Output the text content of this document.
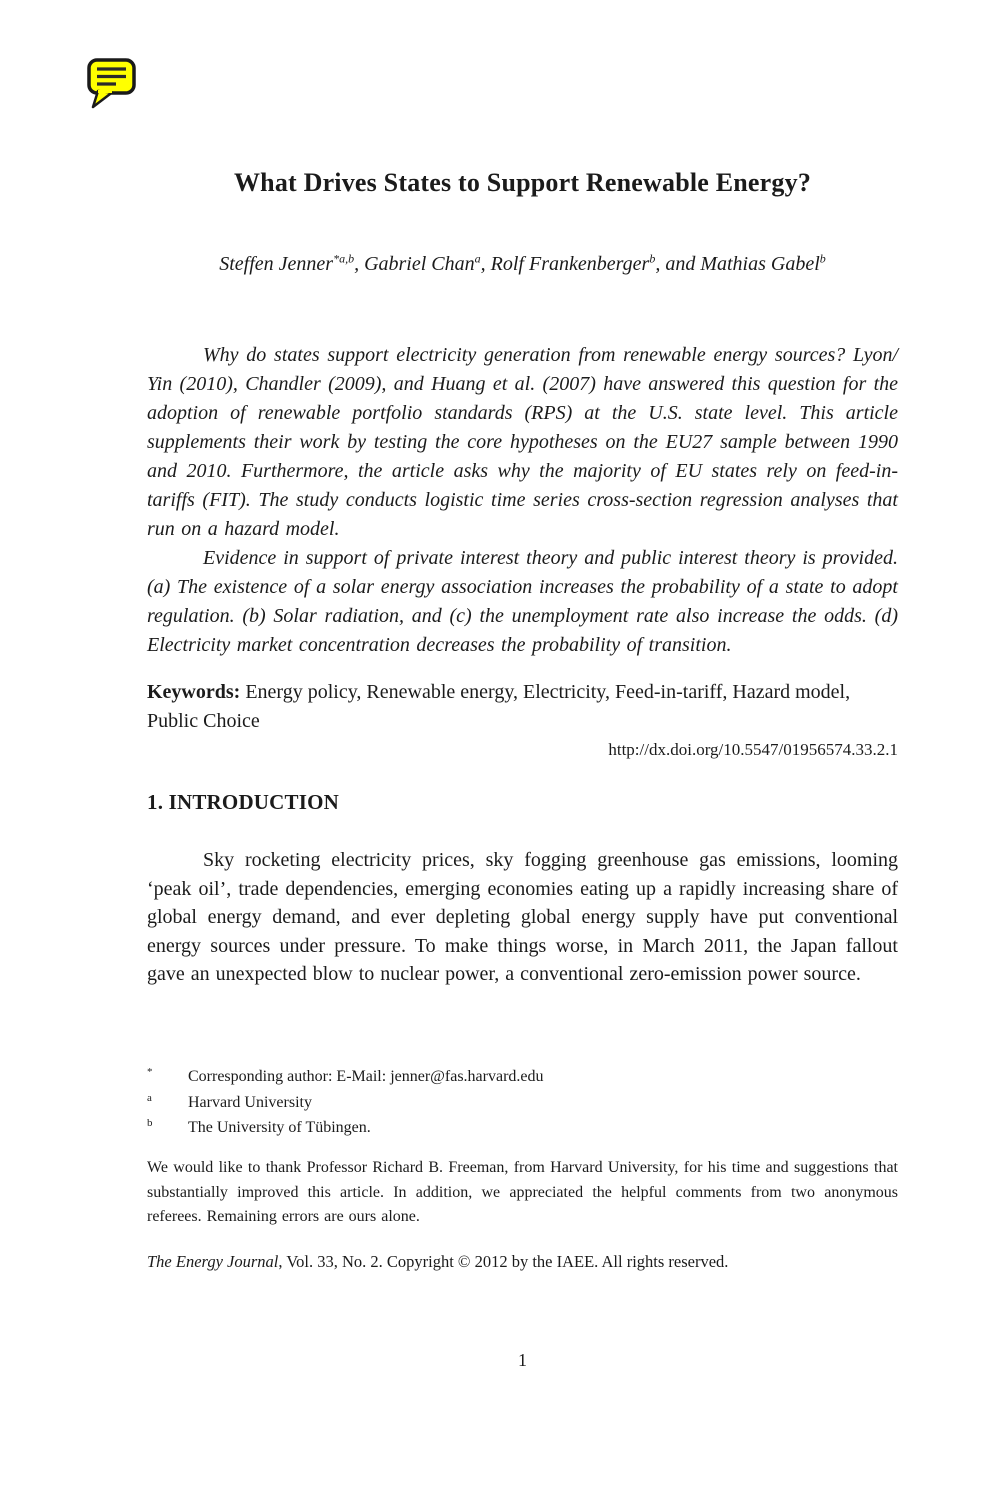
What Drives States to Support Renewable Energy?
Steffen Jenner$^{*a,b}$, Gabriel Chan$^a$, Rolf Frankenberger$^b$, and Mathias Gabel$^b$

Why do states support electricity generation from renewable energy sources? Lyon/ Yin (2010), Chandler (2009), and Huang et al. (2007) have answered this question for the adoption of renewable portfolio standards (RPS) at the U.S. state level. This article supplements their work by testing the core hypotheses on the EU27 sample between 1990 and 2010. Furthermore, the article asks why the majority of EU states rely on feed-in-tariffs (FIT). The study conducts logistic time series cross-section regression analyses that run on a hazard model.

Evidence in support of private interest theory and public interest theory is provided. (a) The existence of a solar energy association increases the probability of a state to adopt regulation. (b) Solar radiation, and (c) the unemployment rate also increase the odds. (d) Electricity market concentration decreases the probability of transition.

Keywords: Energy policy, Renewable energy, Electricity, Feed-in-tariff, Hazard model, Public Choice

http://dx.doi.org/10.5547/01956574.33.2.1
1. INTRODUCTION

Sky rocketing electricity prices, sky fogging greenhouse gas emissions, looming ‘peak oil’, trade dependencies, emerging economies eating up a rapidly increasing share of global energy demand, and ever depleting global energy supply have put conventional energy sources under pressure. To make things worse, in March 2011, the Japan fallout gave an unexpected blow to nuclear power, a conventional zero-emission power source.

*	Corresponding author: E-Mail: jenner@fas.harvard.edu
a	Harvard University
b	The University of Tübingen.

We would like to thank Professor Richard B. Freeman, from Harvard University, for his time and suggestions that substantially improved this article. In addition, we appreciated the helpful comments from two anonymous referees. Remaining errors are ours alone.

The Energy Journal, Vol. 33, No. 2. Copyright © 2012 by the IAEE. All rights reserved.

1
